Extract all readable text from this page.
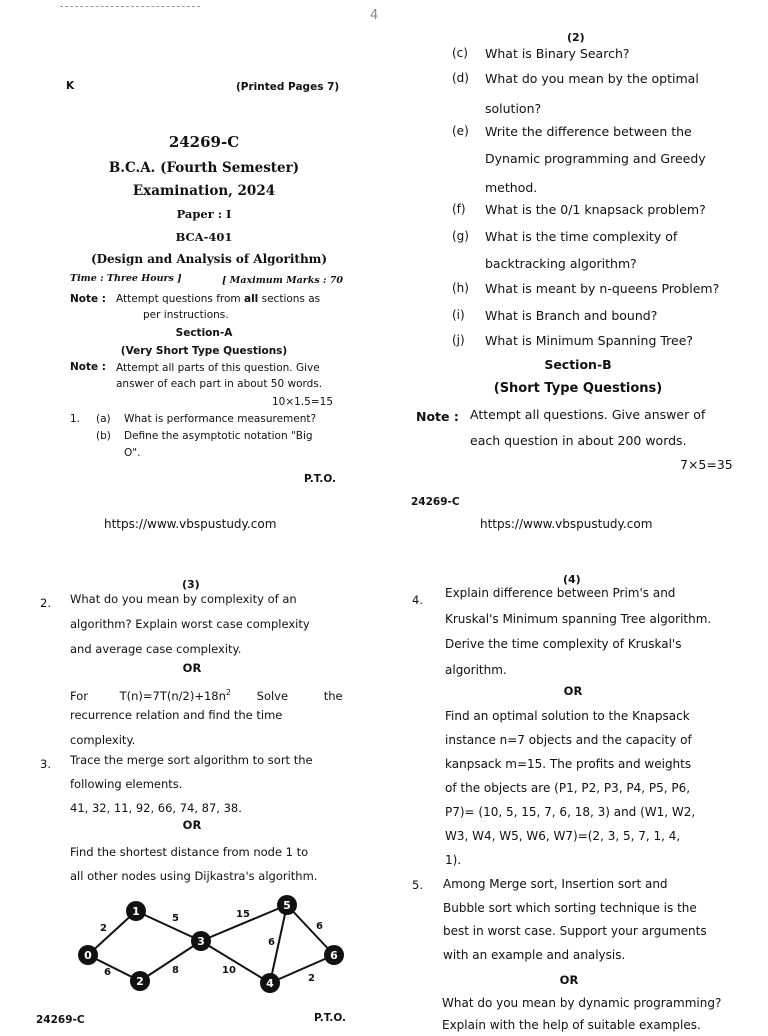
4
K	(Printed Pages 7)
24269-C
B.C.A. (Fourth Semester)
Examination, 2024
Paper : I
BCA-401
(Design and Analysis of Algorithm)
Time : Three Hours ]	[ Maximum Marks : 70
Note : Attempt questions from all sections as
per instructions.
Section-A
(Very Short Type Questions)
Note : Attempt all parts of this question. Give
answer of each part in about 50 words.
10×1.5=15
1. (a) What is performance measurement?
(b) Define the asymptotic notation "Big
O".
P.T.O.
https://www.vbspustudy.com
(2)
(c) What is Binary Search?
(d) What do you mean by the optimal
solution?
(e) Write the difference between the
Dynamic programming and Greedy
method.
(f) What is the 0/1 knapsack problem?
(g) What is the time complexity of
backtracking algorithm?
(h) What is meant by n-queens Problem?
(i) What is Branch and bound?
(j) What is Minimum Spanning Tree?
Section-B
(Short Type Questions)
Note : Attempt all questions. Give answer of
each question in about 200 words.
7×5=35
24269-C
https://www.vbspustudy.com
(3)
2. What do you mean by complexity of an
algorithm? Explain worst case complexity
and average case complexity.
OR
For	$T(n)=7T(n/2)+18n^2$ Solve	the
recurrence relation and find the time
complexity.
3. Trace the merge sort algorithm to sort the
following elements.
41, 32, 11, 92, 66, 74, 87, 38.
OR
Find the shortest distance from node 1 to
all other nodes using Dijkastra's algorithm.
2
5
6	8
15
6
10
6
2
0
1
2
3
4
5
6
24269-C	P.T.O.
(4)
4. Explain difference between Prim's and
Kruskal's Minimum spanning Tree algorithm.
Derive the time complexity of Kruskal's
algorithm.
OR
Find an optimal solution to the Knapsack
instance n=7 objects and the capacity of
kanpsack m=15. The profits and weights
of the objects are (P1, P2, P3, P4, P5, P6,
P7)= (10, 5, 15, 7, 6, 18, 3) and (W1, W2,
W3, W4, W5, W6, W7)=(2, 3, 5, 7, 1, 4,
1).
5. Among Merge sort, Insertion sort and
Bubble sort which sorting technique is the
best in worst case. Support your arguments
with an example and analysis.
OR
What do you mean by dynamic programming?
Explain with the help of suitable examples.
